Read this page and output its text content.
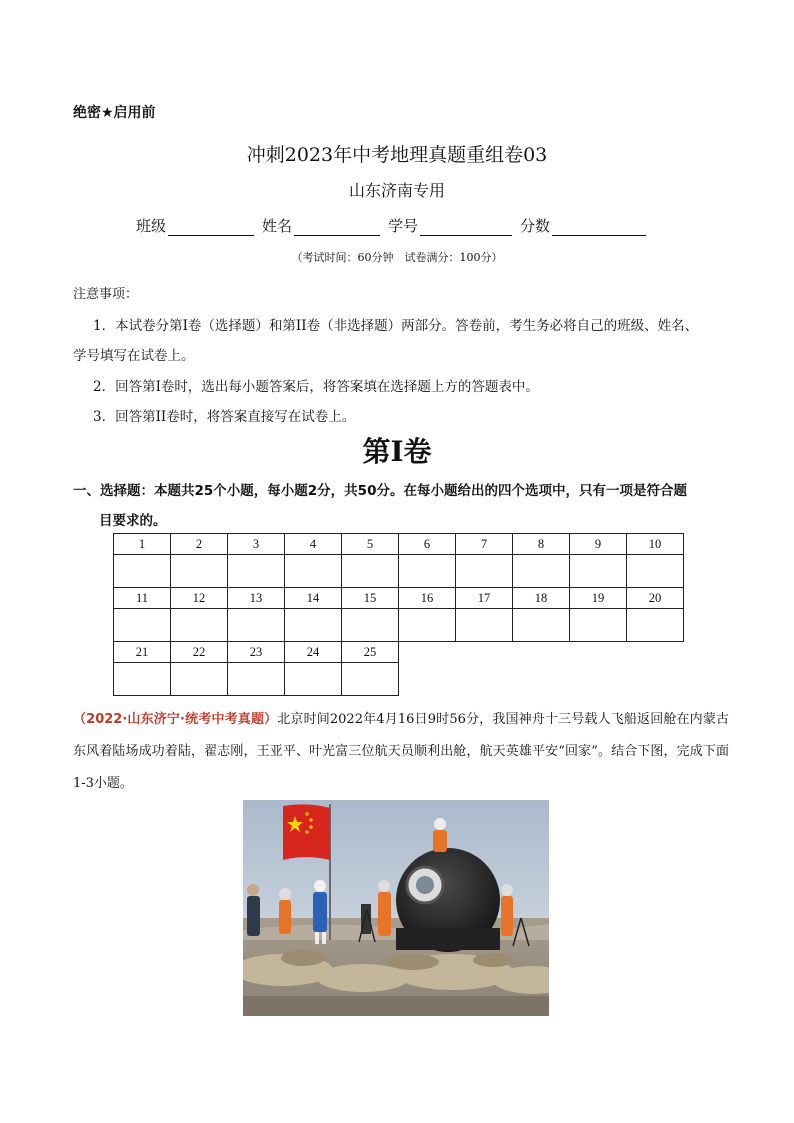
绝密★启用前
冲刺2023年中考地理真题重组卷03
山东济南专用
班级	姓名	学号	分数
（考试时间：60分钟　试卷满分：100分）
注意事项：
1．本试卷分第I卷（选择题）和第II卷（非选择题）两部分。答卷前，考生务必将自己的班级、姓名、
学号填写在试卷上。
2．回答第I卷时，选出每小题答案后，将答案填在选择题上方的答题表中。
3．回答第II卷时，将答案直接写在试卷上。
第I卷
一、选择题：本题共25个小题，每小题2分，共50分。在每小题给出的四个选项中，只有一项是符合题
目要求的。
1	2	3	4	5	6	7	8	9	10

11	12	13	14	15	16	17	18	19	20

21	22	23	24	25					

（2022·山东济宁·统考中考真题）北京时间2022年4月16日9时56分，我国神舟十三号载人飞船返回舱在内蒙古东风着陆场成功着陆，翟志刚，王亚平、叶光富三位航天员顺利出舱，航天英雄平安“回家”。结合下图，完成下面1-3小题。
